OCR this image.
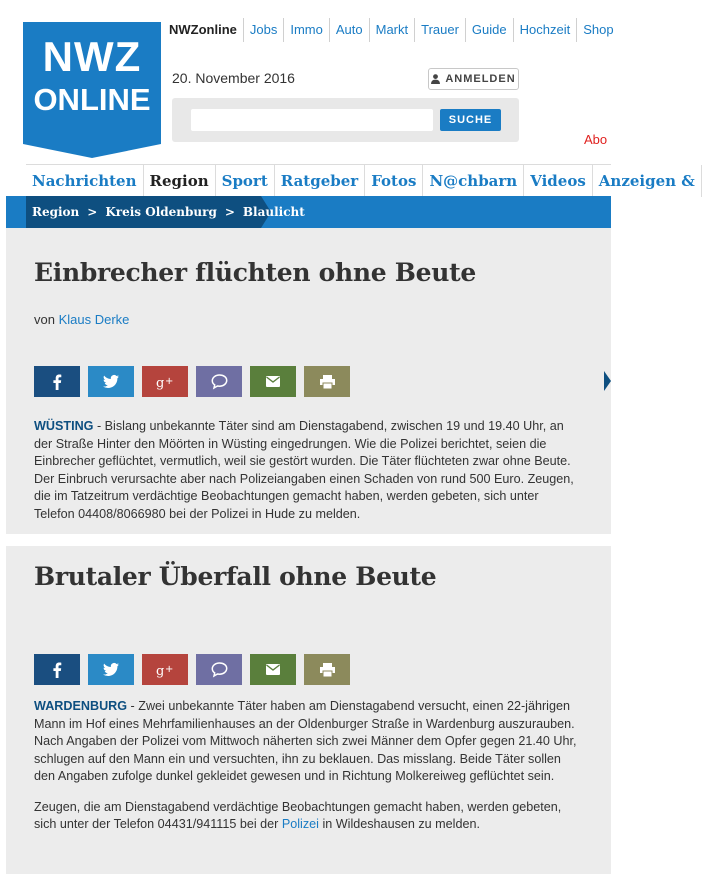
NWZ
ONLINE
NWZonline	Jobs	Immo	Auto	Markt	Trauer	Guide	Hochzeit	Shop
20. November 2016	ANMELDEN
SUCHE
Abo
Nachrichten Region Sport Ratgeber Fotos N@chbarn Videos Anzeigen &
Region > Kreis Oldenburg > Blaulicht
Einbrecher flüchten ohne Beute
von Klaus Derke
g +

WÜSTING - Bislang unbekannte Täter sind am Dienstagabend, zwischen 19 und 19.40 Uhr, an der Straße Hinter den Möörten in Wüsting eingedrungen. Wie die Polizei berichtet, seien die Einbrecher geflüchtet, vermutlich, weil sie gestört wurden. Die Täter flüchteten zwar ohne Beute. Der Einbruch verursachte aber nach Polizeiangaben einen Schaden von rund 500 Euro. Zeugen, die im Tatzeitrum verdächtige Beobachtungen gemacht haben, werden gebeten, sich unter Telefon 04408/8066980 bei der Polizei in Hude zu melden.

Brutaler Überfall ohne Beute
g +

WARDENBURG - Zwei unbekannte Täter haben am Dienstagabend versucht, einen 22-jährigen Mann im Hof eines Mehrfamilienhauses an der Oldenburger Straße in Wardenburg auszurauben. Nach Angaben der Polizei vom Mittwoch näherten sich zwei Männer dem Opfer gegen 21.40 Uhr, schlugen auf den Mann ein und versuchten, ihn zu beklauen. Das misslang. Beide Täter sollen den Angaben zufolge dunkel gekleidet gewesen und in Richtung Molkereiweg geflüchtet sein.

Zeugen, die am Dienstagabend verdächtige Beobachtungen gemacht haben, werden gebeten, sich unter der Telefon 04431/941115 bei der Polizei in Wildeshausen zu melden.
